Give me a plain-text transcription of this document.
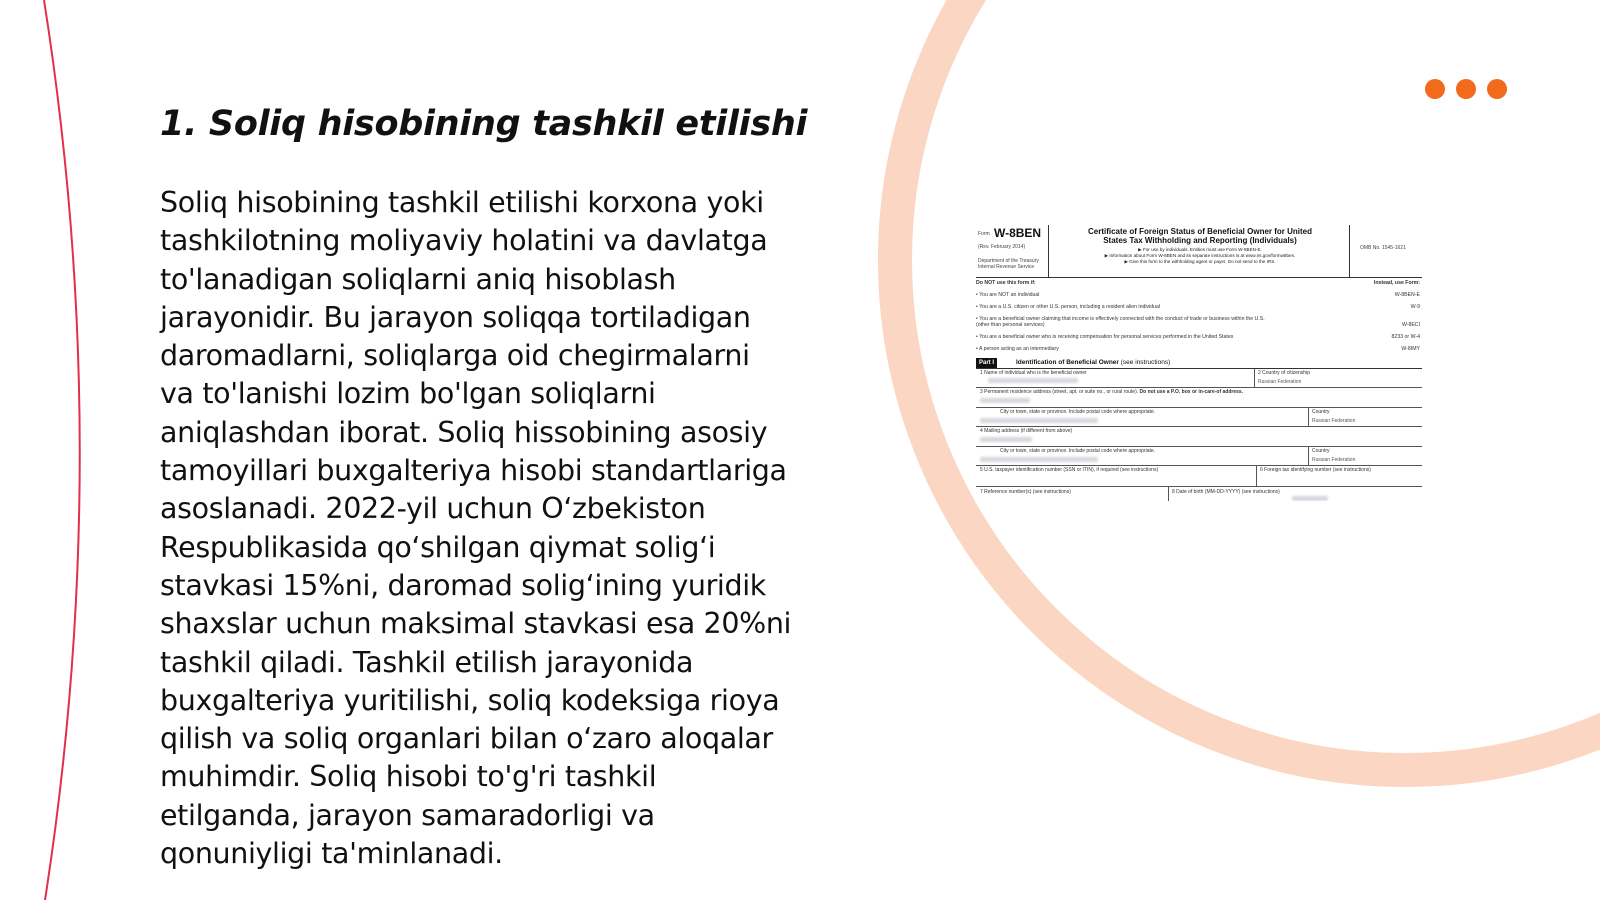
1. Soliq hisobining tashkil etilishi

Soliq hisobining tashkil etilishi korxona yoki
tashkilotning moliyaviy holatini va davlatga
to'lanadigan soliqlarni aniq hisoblash
jarayonidir. Bu jarayon soliqqa tortiladigan
daromadlarni, soliqlarga oid chegirmalarni
va to'lanishi lozim bo'lgan soliqlarni
aniqlashdan iborat. Soliq hissobining asosiy
tamoyillari buxgalteriya hisobi standartlariga
asoslanadi. 2022-yil uchun O‘zbekiston
Respublikasida qo‘shilgan qiymat solig‘i
stavkasi 15%ni, daromad solig‘ining yuridik
shaxslar uchun maksimal stavkasi esa 20%ni
tashkil qiladi. Tashkil etilish jarayonida
buxgalteriya yuritilishi, soliq kodeksiga rioya
qilish va soliq organlari bilan o‘zaro aloqalar
muhimdir. Soliq hisobi to'g'ri tashkil
etilganda, jarayon samaradorligi va
qonuniyligi ta'minlanadi.

Form W-8BEN
(Rev. February 2014)
Department of the Treasury
Internal Revenue Service
Certificate of Foreign Status of Beneficial Owner for United
States Tax Withholding and Reporting (Individuals)
▶ For use by individuals. Entities must use Form W-8BEN-E.
▶ Information about Form W-8BEN and its separate instructions is at www.irs.gov/formw8ben.
▶ Give this form to the withholding agent or payer. Do not send to the IRS.
OMB No. 1545-1621
Do NOT use this form if:	Instead, use Form:
• You are NOT an individual	W-8BEN-E
• You are a U.S. citizen or other U.S. person, including a resident alien individual	W-9
• You are a beneficial owner claiming that income is effectively connected with the conduct of trade or business within the U.S.
(other than personal services)	W-8ECI
• You are a beneficial owner who is receiving compensation for personal services performed in the United States	8233 or W-4
• A person acting as an intermediary	W-8IMY
Part I	Identification of Beneficial Owner (see instructions)
1 Name of individual who is the beneficial owner	2 Country of citizenship
Russian Federation
3 Permanent residence address (street, apt. or suite no., or rural route). Do not use a P.O. box or in-care-of address.
City or town, state or province. Include postal code where appropriate.	Country
Russian Federation
4 Mailing address (if different from above)
City or town, state or province. Include postal code where appropriate.	Country
Russian Federation
5 U.S. taxpayer identification number (SSN or ITIN), if required (see instructions)	6 Foreign tax identifying number (see instructions)
7 Reference number(s) (see instructions)	8 Date of birth (MM-DD-YYYY) (see instructions)
